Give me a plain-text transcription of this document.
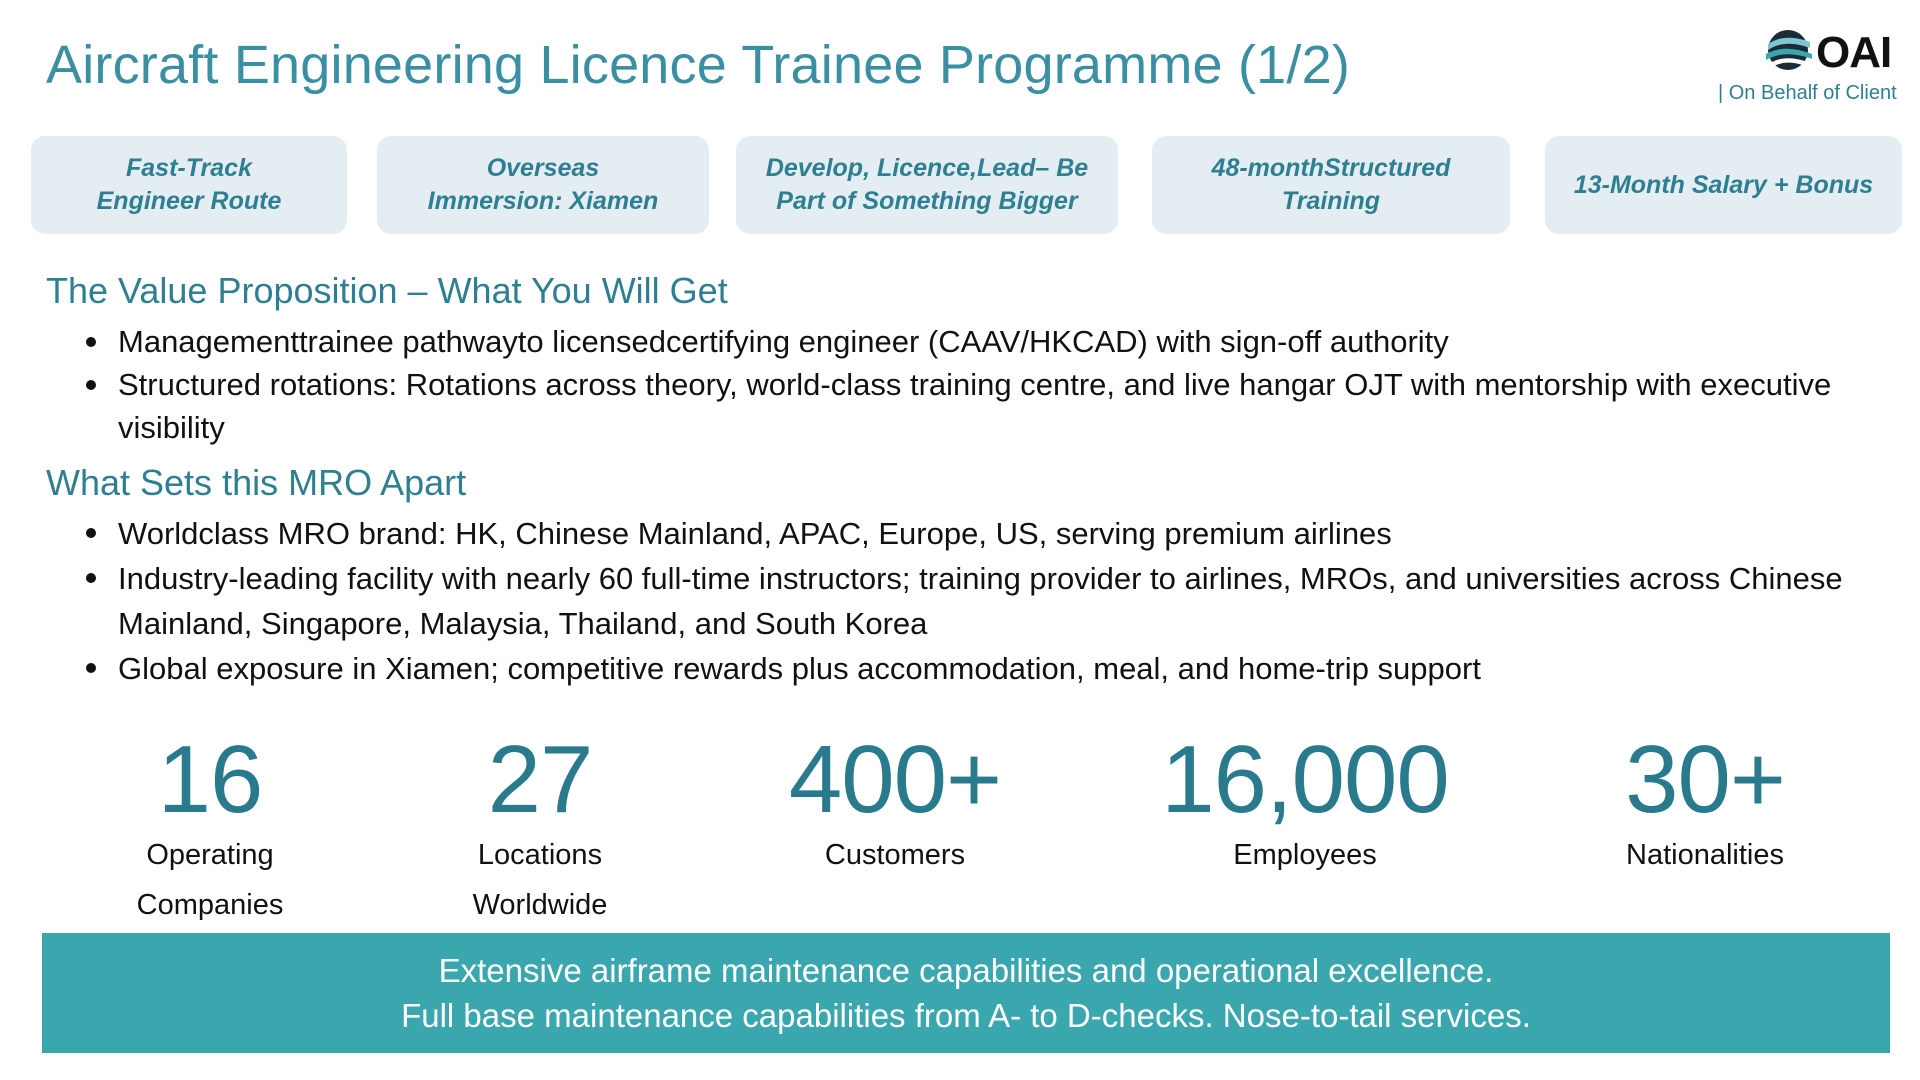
Aircraft Engineering Licence Trainee Programme (1/2)	OAI
| On Behalf of Client
Fast-Track
Engineer Route
Overseas
Immersion: Xiamen
Develop, Licence,Lead– Be
Part of Something Bigger
48-monthStructured
Training
13-Month Salary + Bonus
The Value Proposition – What You Will Get
Managementtrainee pathwayto licensedcertifying engineer (CAAV/HKCAD) with sign-off authority
Structured rotations: Rotations across theory, world-class training centre, and live hangar OJT with mentorship with executive visibility
What Sets this MRO Apart
Worldclass MRO brand: HK, Chinese Mainland, APAC, Europe, US, serving premium airlines
Industry-leading facility with nearly 60 full-time instructors; training provider to airlines, MROs, and universities across Chinese Mainland, Singapore, Malaysia, Thailand, and South Korea
Global exposure in Xiamen; competitive rewards plus accommodation, meal, and home-trip support
16
Operating
Companies
27
Locations
Worldwide
400+
Customers
16,000
Employees
30+
Nationalities
Extensive airframe maintenance capabilities and operational excellence.
Full base maintenance capabilities from A- to D-checks. Nose-to-tail services.
